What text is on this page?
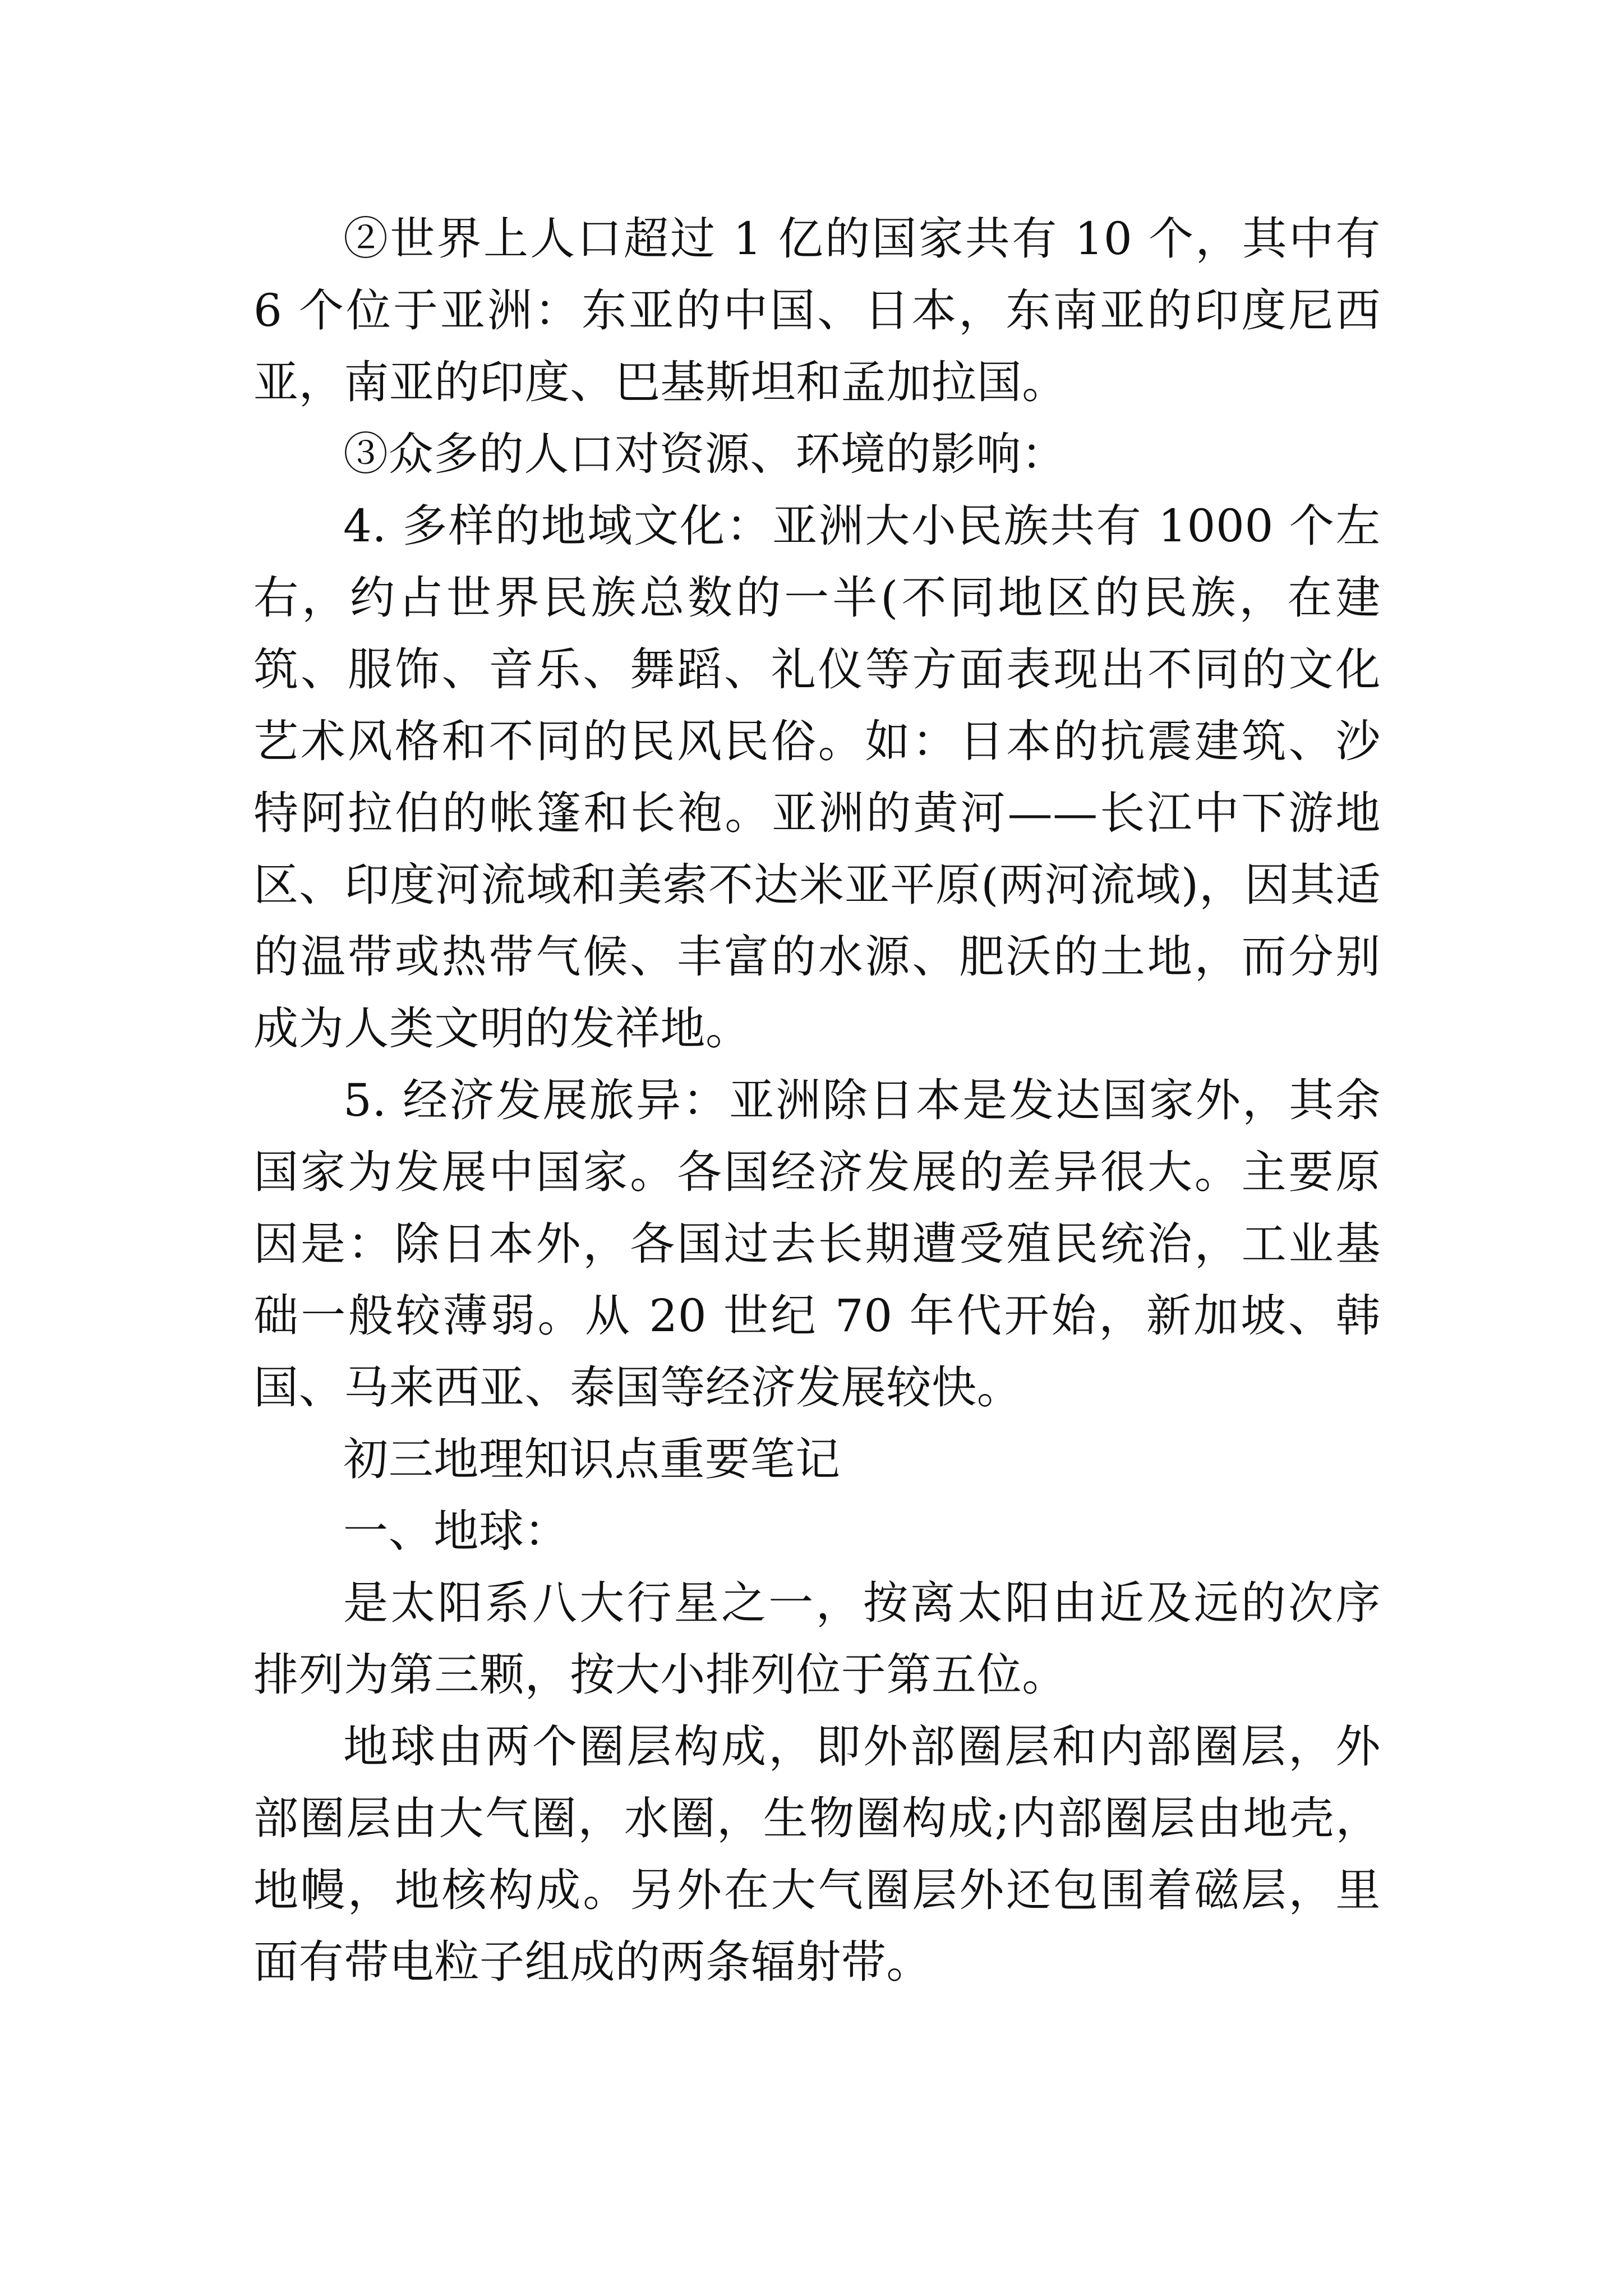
②世界上人口超过 1 亿的国家共有 10 个，其中有 6 个位于亚洲：东亚的中国、日本，东南亚的印度尼西亚，南亚的印度、巴基斯坦和孟加拉国。

③众多的人口对资源、环境的影响：

4. 多样的地域文化：亚洲大小民族共有 1000 个左右，约占世界民族总数的一半(不同地区的民族，在建筑、服饰、音乐、舞蹈、礼仪等方面表现出不同的文化艺术风格和不同的民风民俗。如：日本的抗震建筑、沙特阿拉伯的帐篷和长袍。亚洲的黄河——长江中下游地区、印度河流域和美索不达米亚平原(两河流域)，因其适的温带或热带气候、丰富的水源、肥沃的土地，而分别成为人类文明的发祥地。

5. 经济发展旅异：亚洲除日本是发达国家外，其余国家为发展中国家。各国经济发展的差异很大。主要原因是：除日本外，各国过去长期遭受殖民统治，工业基础一般较薄弱。从 20 世纪 70 年代开始，新加坡、韩国、马来西亚、泰国等经济发展较快。

初三地理知识点重要笔记

一、地球：

是太阳系八大行星之一，按离太阳由近及远的次序排列为第三颗，按大小排列位于第五位。

地球由两个圈层构成，即外部圈层和内部圈层，外部圈层由大气圈，水圈，生物圈构成;内部圈层由地壳，地幔，地核构成。另外在大气圈层外还包围着磁层，里面有带电粒子组成的两条辐射带。
